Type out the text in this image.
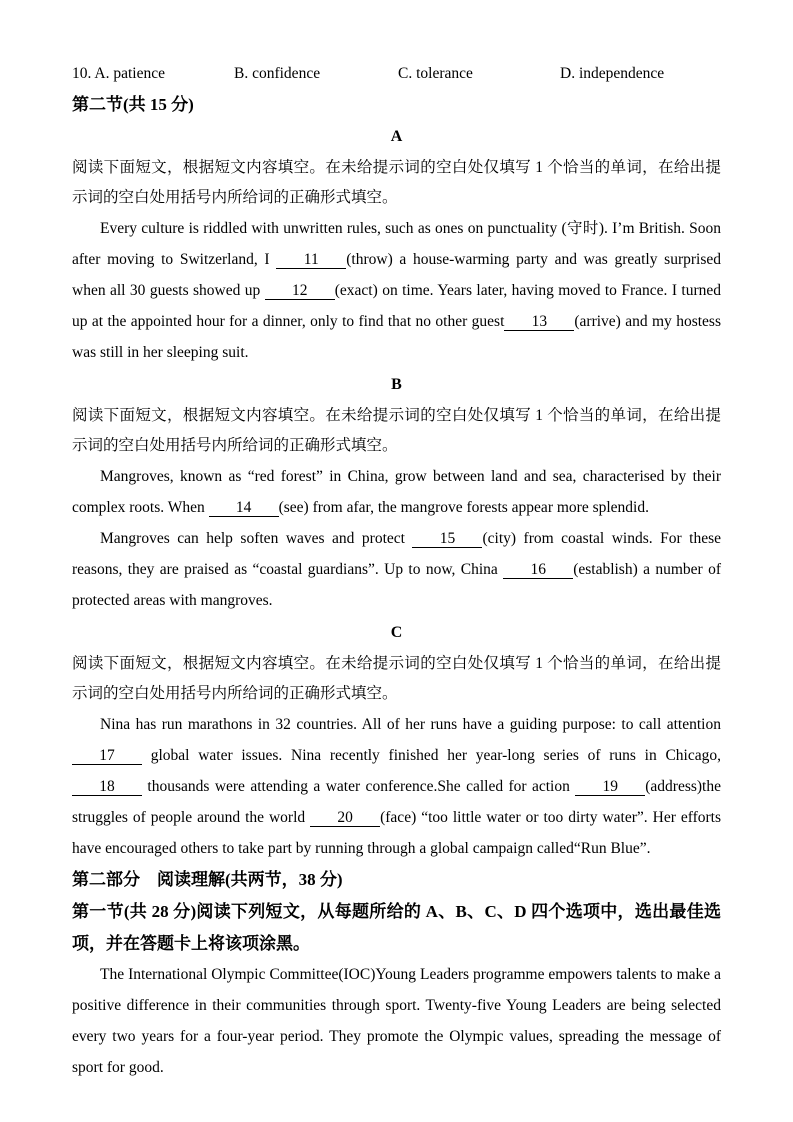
10. A. patience	B. confidence	C. tolerance	D. independence
第二节(共 15 分)
A
阅读下面短文，根据短文内容填空。在未给提示词的空白处仅填写 1 个恰当的单词，在给出提示词的空白处用括号内所给词的正确形式填空。
Every culture is riddled with unwritten rules, such as ones on punctuality (守时). I’m British. Soon after moving to Switzerland, I 11 (throw) a house-warming party and was greatly surprised when all 30 guests showed up 12 (exact) on time. Years later, having moved to France. I turned up at the appointed hour for a dinner, only to find that no other guest 13 (arrive) and my hostess was still in her sleeping suit.
B
阅读下面短文，根据短文内容填空。在未给提示词的空白处仅填写 1 个恰当的单词，在给出提示词的空白处用括号内所给词的正确形式填空。
Mangroves, known as “red forest” in China, grow between land and sea, characterised by their complex roots. When 14 (see) from afar, the mangrove forests appear more splendid.
Mangroves can help soften waves and protect 15 (city) from coastal winds. For these reasons, they are praised as “coastal guardians”. Up to now, China 16 (establish) a number of protected areas with mangroves.
C
阅读下面短文，根据短文内容填空。在未给提示词的空白处仅填写 1 个恰当的单词，在给出提示词的空白处用括号内所给词的正确形式填空。
Nina has run marathons in 32 countries. All of her runs have a guiding purpose: to call attention 17 global water issues. Nina recently finished her year-long series of runs in Chicago, 18 thousands were attending a water conference.She called for action 19 (address)the struggles of people around the world 20 (face) “too little water or too dirty water”. Her efforts have encouraged others to take part by running through a global campaign called“Run Blue”.
第二部分　阅读理解(共两节，38 分)
第一节(共 28 分)阅读下列短文，从每题所给的 A、B、C、D 四个选项中，选出最佳选项，并在答题卡上将该项涂黑。
The International Olympic Committee(IOC)Young Leaders programme empowers talents to make a positive difference in their communities through sport. Twenty-five Young Leaders are being selected every two years for a four-year period. They promote the Olympic values, spreading the message of sport for good.
